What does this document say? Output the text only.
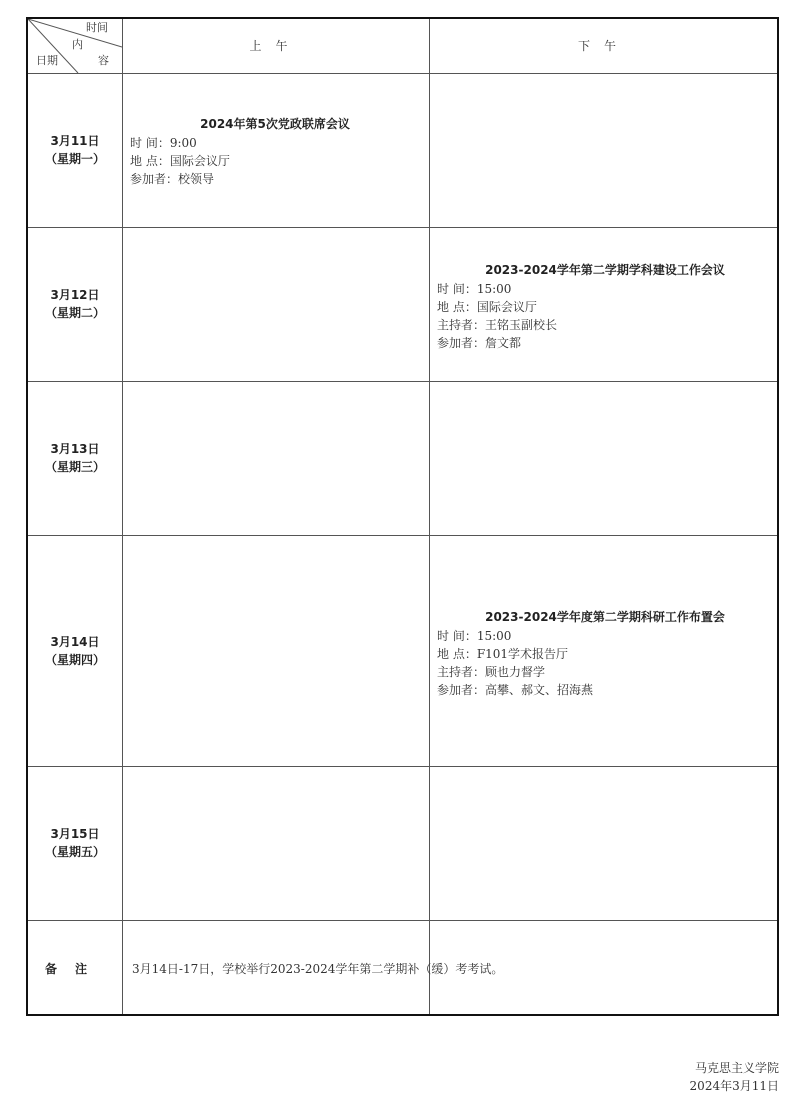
时间
内
容
日期
上午	下午
3月11日
（星期一）
2024年第5次党政联席会议
时 间：9:00
地 点：国际会议厅
参加者：校领导
3月12日
（星期二）
2023-2024学年第二学期学科建设工作会议
时 间：15:00
地 点：国际会议厅
主持者：王铭玉副校长
参加者：詹文都
3月13日
（星期三）
3月14日
（星期四）
2023-2024学年度第二学期科研工作布置会
时 间：15:00
地 点：F101学术报告厅
主持者：顾也力督学
参加者：高攀、郝文、招海燕
3月15日
（星期五）
备注	3月14日-17日，学校举行2023-2024学年第二学期补（缓）考考试。
马克思主义学院
2024年3月11日
